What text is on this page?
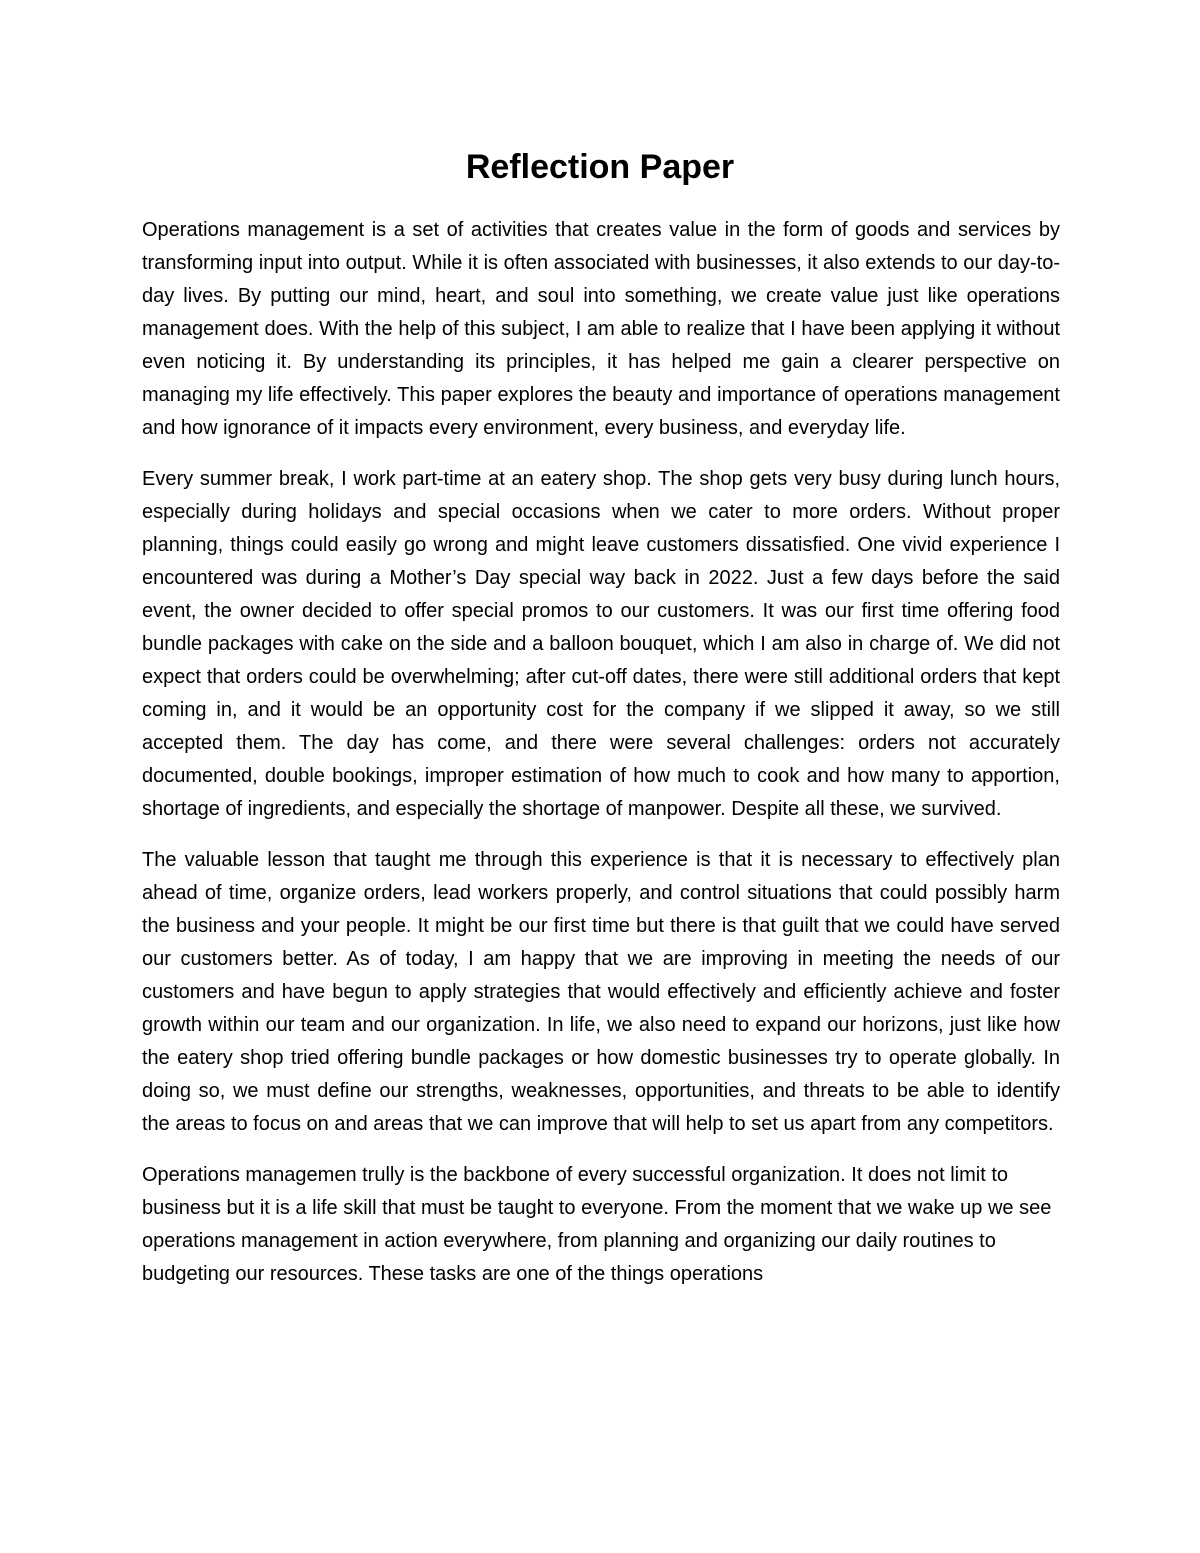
Reflection Paper

Operations management is a set of activities that creates value in the form of goods and services by transforming input into output. While it is often associated with businesses, it also extends to our day-to-day lives. By putting our mind, heart, and soul into something, we create value just like operations management does. With the help of this subject, I am able to realize that I have been applying it without even noticing it. By understanding its principles, it has helped me gain a clearer perspective on managing my life effectively. This paper explores the beauty and importance of operations management and how ignorance of it impacts every environment, every business, and everyday life.

Every summer break, I work part-time at an eatery shop. The shop gets very busy during lunch hours, especially during holidays and special occasions when we cater to more orders. Without proper planning, things could easily go wrong and might leave customers dissatisfied. One vivid experience I encountered was during a Mother’s Day special way back in 2022. Just a few days before the said event, the owner decided to offer special promos to our customers. It was our first time offering food bundle packages with cake on the side and a balloon bouquet, which I am also in charge of. We did not expect that orders could be overwhelming; after cut-off dates, there were still additional orders that kept coming in, and it would be an opportunity cost for the company if we slipped it away, so we still accepted them. The day has come, and there were several challenges: orders not accurately documented, double bookings, improper estimation of how much to cook and how many to apportion, shortage of ingredients, and especially the shortage of manpower. Despite all these, we survived.

The valuable lesson that taught me through this experience is that it is necessary to effectively plan ahead of time, organize orders, lead workers properly, and control situations that could possibly harm the business and your people. It might be our first time but there is that guilt that we could have served our customers better. As of today, I am happy that we are improving in meeting the needs of our customers and have begun to apply strategies that would effectively and efficiently achieve and foster growth within our team and our organization. In life, we also need to expand our horizons, just like how the eatery shop tried offering bundle packages or how domestic businesses try to operate globally. In doing so, we must define our strengths, weaknesses, opportunities, and threats to be able to identify the areas to focus on and areas that we can improve that will help to set us apart from any competitors.

Operations managemen trully is the backbone of every successful organization. It does not limit to business but it is a life skill that must be taught to everyone. From the moment that we wake up we see operations management in action everywhere, from planning and organizing our daily routines to budgeting our resources. These tasks are one of the things operations
